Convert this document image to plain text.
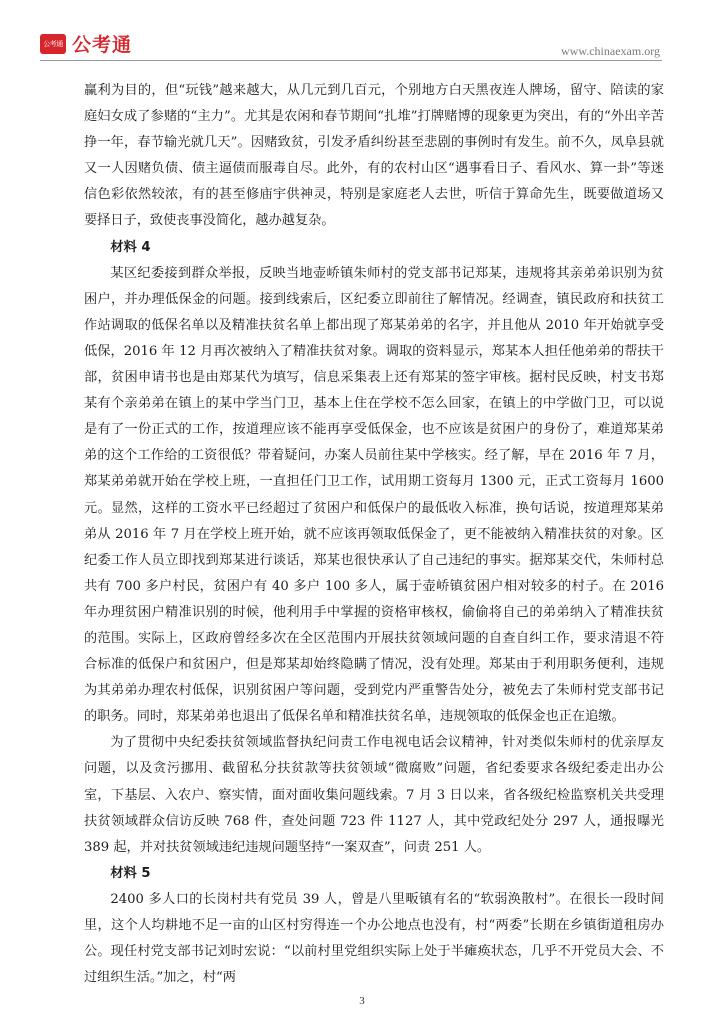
公考通 公考通	www.chinaexam.org

赢利为目的，但“玩钱”越来越大，从几元到几百元，个别地方白天黑夜连人牌场，留守、陪读的家庭妇女成了参赌的“主力”。尤其是农闲和春节期间“扎堆”打牌赌博的现象更为突出，有的“外出辛苦挣一年，春节输光就几天”。因赌致贫，引发矛盾纠纷甚至悲剧的事例时有发生。前不久，凤阜县就又一人因赌负债、债主逼债而服毒自尽。此外，有的农村山区“遇事看日子、看风水、算一卦”等迷信色彩依然较浓，有的甚至修庙宇供神灵，特别是家庭老人去世，听信于算命先生，既要做道场又要择日子，致使丧事没简化，越办越复杂。

材料 4

某区纪委接到群众举报，反映当地壶峤镇朱师村的党支部书记郑某，违规将其亲弟弟识别为贫困户，并办理低保金的问题。接到线索后，区纪委立即前往了解情况。经调查，镇民政府和扶贫工作站调取的低保名单以及精准扶贫名单上都出现了郑某弟弟的名字，并且他从 2010 年开始就享受低保，2016 年 12 月再次被纳入了精准扶贫对象。调取的资料显示，郑某本人担任他弟弟的帮扶干部，贫困申请书也是由郑某代为填写，信息采集表上还有郑某的签字审核。据村民反映，村支书郑某有个亲弟弟在镇上的某中学当门卫，基本上住在学校不怎么回家，在镇上的中学做门卫，可以说是有了一份正式的工作，按道理应该不能再享受低保金，也不应该是贫困户的身份了，难道郑某弟弟的这个工作给的工资很低？带着疑问，办案人员前往某中学核实。经了解，早在 2016 年 7 月，郑某弟弟就开始在学校上班，一直担任门卫工作，试用期工资每月 1300 元，正式工资每月 1600 元。显然，这样的工资水平已经超过了贫困户和低保户的最低收入标准，换句话说，按道理郑某弟弟从 2016 年 7 月在学校上班开始，就不应该再领取低保金了，更不能被纳入精准扶贫的对象。区纪委工作人员立即找到郑某进行谈话，郑某也很快承认了自己违纪的事实。据郑某交代，朱师村总共有 700 多户村民，贫困户有 40 多户 100 多人，属于壶峤镇贫困户相对较多的村子。在 2016 年办理贫困户精准识别的时候，他利用手中掌握的资格审核权，偷偷将自己的弟弟纳入了精准扶贫的范围。实际上，区政府曾经多次在全区范围内开展扶贫领域问题的自查自纠工作，要求清退不符合标准的低保户和贫困户，但是郑某却始终隐瞒了情况，没有处理。郑某由于利用职务便利，违规为其弟弟办理农村低保，识别贫困户等问题，受到党内严重警告处分，被免去了朱师村党支部书记的职务。同时，郑某弟弟也退出了低保名单和精准扶贫名单，违规领取的低保金也正在追缴。

为了贯彻中央纪委扶贫领域监督执纪问责工作电视电话会议精神，针对类似朱师村的优亲厚友问题，以及贪污挪用、截留私分扶贫款等扶贫领域“微腐败”问题，省纪委要求各级纪委走出办公室，下基层、入农户、察实情，面对面收集问题线索。7 月 3 日以来，省各级纪检监察机关共受理扶贫领域群众信访反映 768 件，查处问题 723 件 1127 人，其中党政纪处分 297 人，通报曝光 389 起，并对扶贫领域违纪违规问题坚持“一案双查”，问责 251 人。

材料 5

2400 多人口的长岗村共有党员 39 人，曾是八里畈镇有名的“软弱涣散村”。在很长一段时间里，这个人均耕地不足一亩的山区村穷得连一个办公地点也没有，村“两委”长期在乡镇街道租房办公。现任村党支部书记刘时宏说：“以前村里党组织实际上处于半瘫痪状态，几乎不开党员大会、不过组织生活。”加之，村“两

3
